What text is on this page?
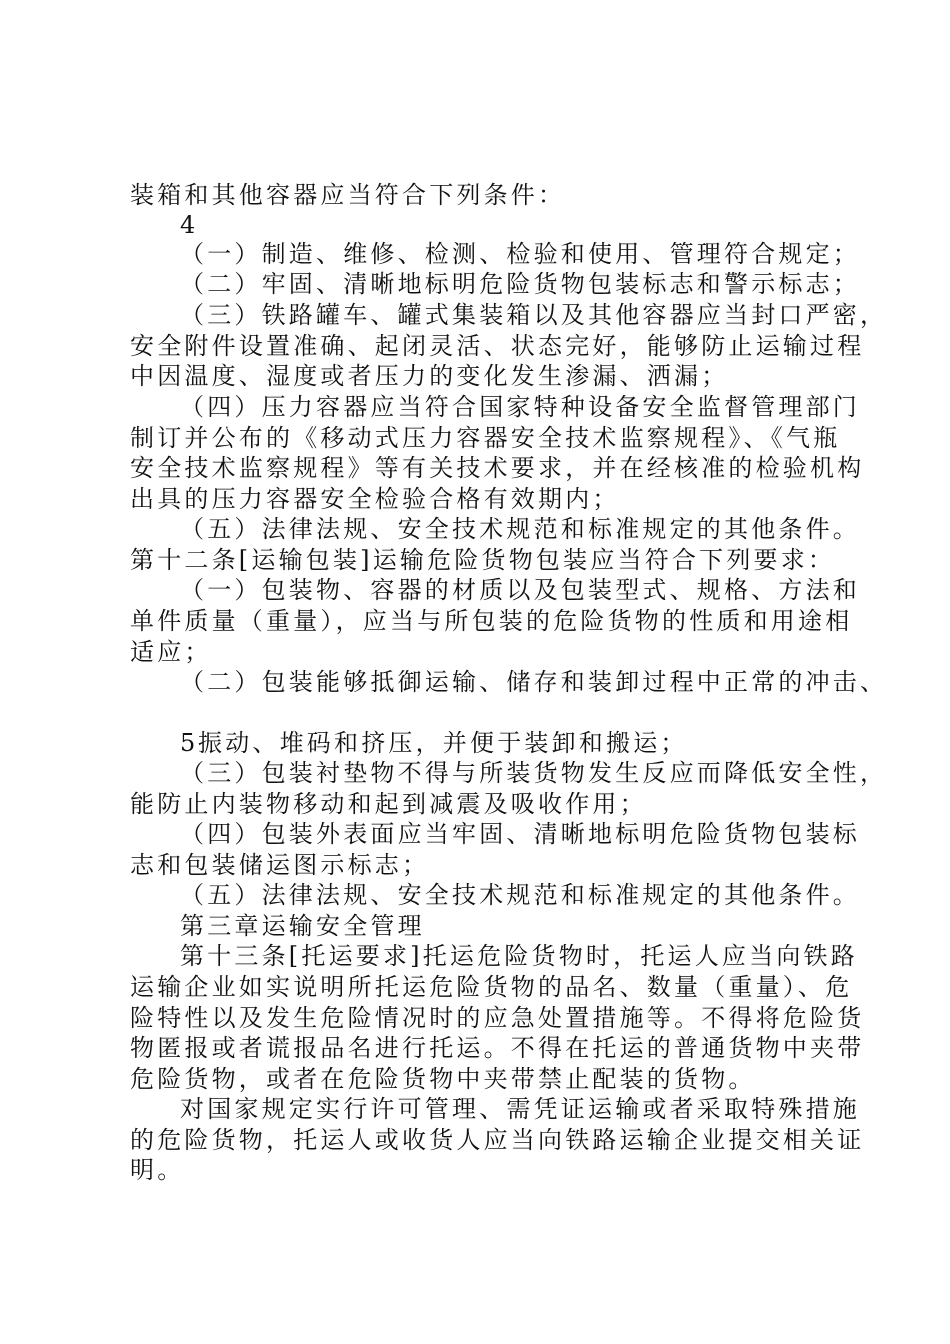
装箱和其他容器应当符合下列条件：
4
（一）制造、维修、检测、检验和使用、管理符合规定；
（二）牢固、清晰地标明危险货物包装标志和警示标志；
（三）铁路罐车、罐式集装箱以及其他容器应当封口严密，
安全附件设置准确、起闭灵活、状态完好，能够防止运输过程
中因温度、湿度或者压力的变化发生渗漏、洒漏；
（四）压力容器应当符合国家特种设备安全监督管理部门
制订并公布的《移动式压力容器安全技术监察规程》、《气瓶
安全技术监察规程》等有关技术要求，并在经核准的检验机构
出具的压力容器安全检验合格有效期内；
（五）法律法规、安全技术规范和标准规定的其他条件。
第十二条[运输包装]运输危险货物包装应当符合下列要求：
（一）包装物、容器的材质以及包装型式、规格、方法和
单件质量（重量），应当与所包装的危险货物的性质和用途相
适应；
（二）包装能够抵御运输、储存和装卸过程中正常的冲击、
5 振动、堆码和挤压，并便于装卸和搬运；
（三）包装衬垫物不得与所装货物发生反应而降低安全性，
能防止内装物移动和起到减震及吸收作用；
（四）包装外表面应当牢固、清晰地标明危险货物包装标
志和包装储运图示标志；
（五）法律法规、安全技术规范和标准规定的其他条件。
第三章运输安全管理
第十三条[托运要求]托运危险货物时，托运人应当向铁路
运输企业如实说明所托运危险货物的品名、数量（重量）、危
险特性以及发生危险情况时的应急处置措施等。不得将危险货
物匿报或者谎报品名进行托运。不得在托运的普通货物中夹带
危险货物，或者在危险货物中夹带禁止配装的货物。
对国家规定实行许可管理、需凭证运输或者采取特殊措施
的危险货物，托运人或收货人应当向铁路运输企业提交相关证
明。
